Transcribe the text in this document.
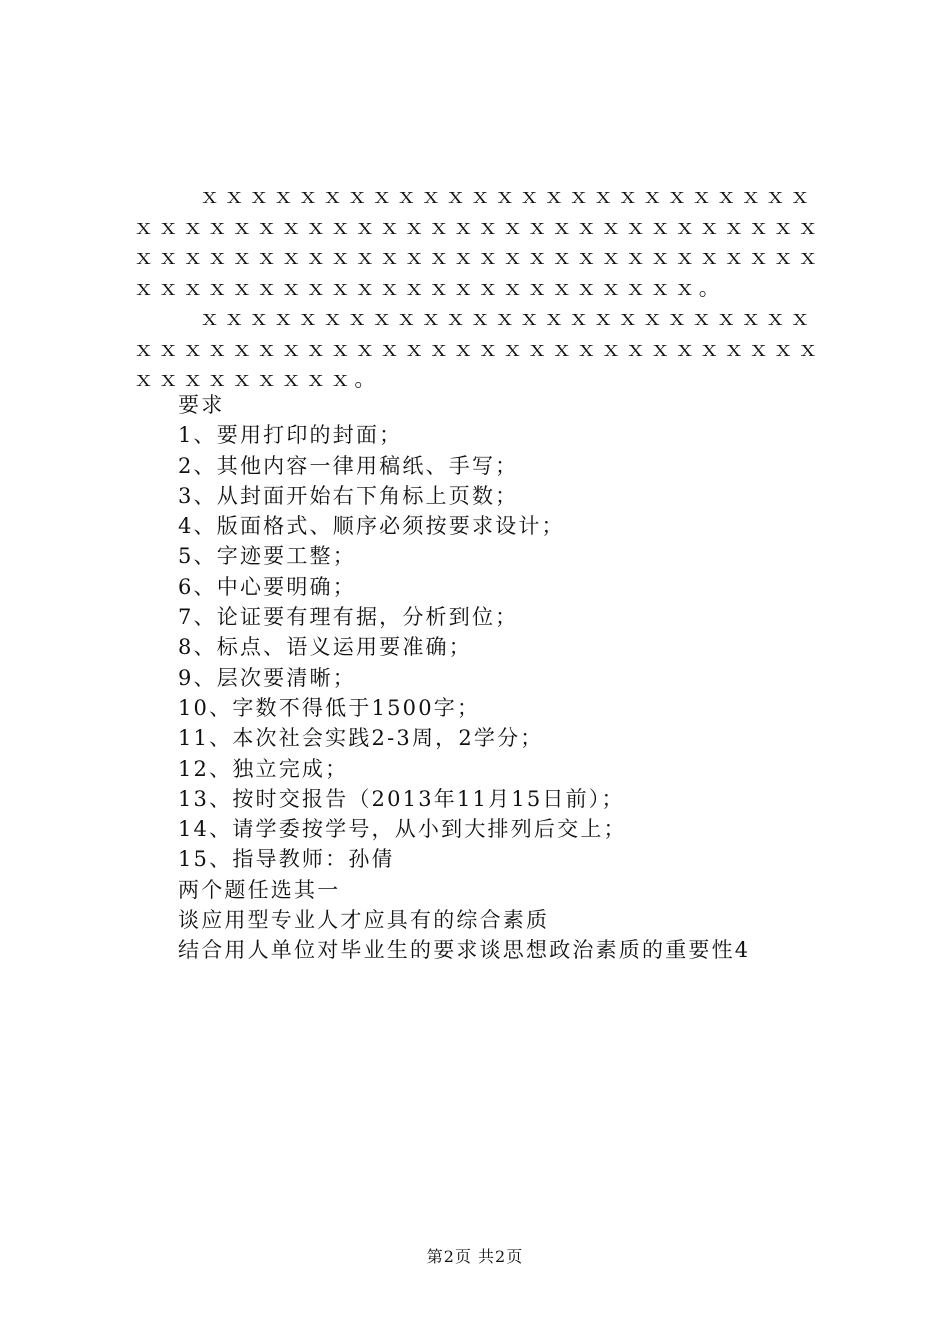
ｘｘｘｘｘｘｘｘｘｘｘｘｘｘｘｘｘｘｘｘｘｘｘｘｘｘｘｘｘｘｘｘｘｘｘｘｘｘｘｘｘｘｘｘｘｘｘｘｘｘｘｘｘｘｘｘｘｘｘｘｘｘｘｘｘｘｘｘｘｘｘｘｘｘｘｘｘｘｘｘｘｘｘｘｘｘｘｘｘｘｘｘｘｘｘｘｘｘｘｘｘｘｘｘ。

ｘｘｘｘｘｘｘｘｘｘｘｘｘｘｘｘｘｘｘｘｘｘｘｘｘｘｘｘｘｘｘｘｘｘｘｘｘｘｘｘｘｘｘｘｘｘｘｘｘｘｘｘｘｘｘｘｘｘｘｘｘｘ。

要求
1、要用打印的封面；
2、其他内容一律用稿纸、手写；
3、从封面开始右下角标上页数；
4、版面格式、顺序必须按要求设计；
5、字迹要工整；
6、中心要明确；
7、论证要有理有据，分析到位；
8、标点、语义运用要准确；
9、层次要清晰；
10、字数不得低于1500字；
11、本次社会实践2-3周，2学分；
12、独立完成；
13、按时交报告（2013年11月15日前）；
14、请学委按学号，从小到大排列后交上；
15、指导教师：孙倩
两个题任选其一
谈应用型专业人才应具有的综合素质
结合用人单位对毕业生的要求谈思想政治素质的重要性4
第2页 共2页
